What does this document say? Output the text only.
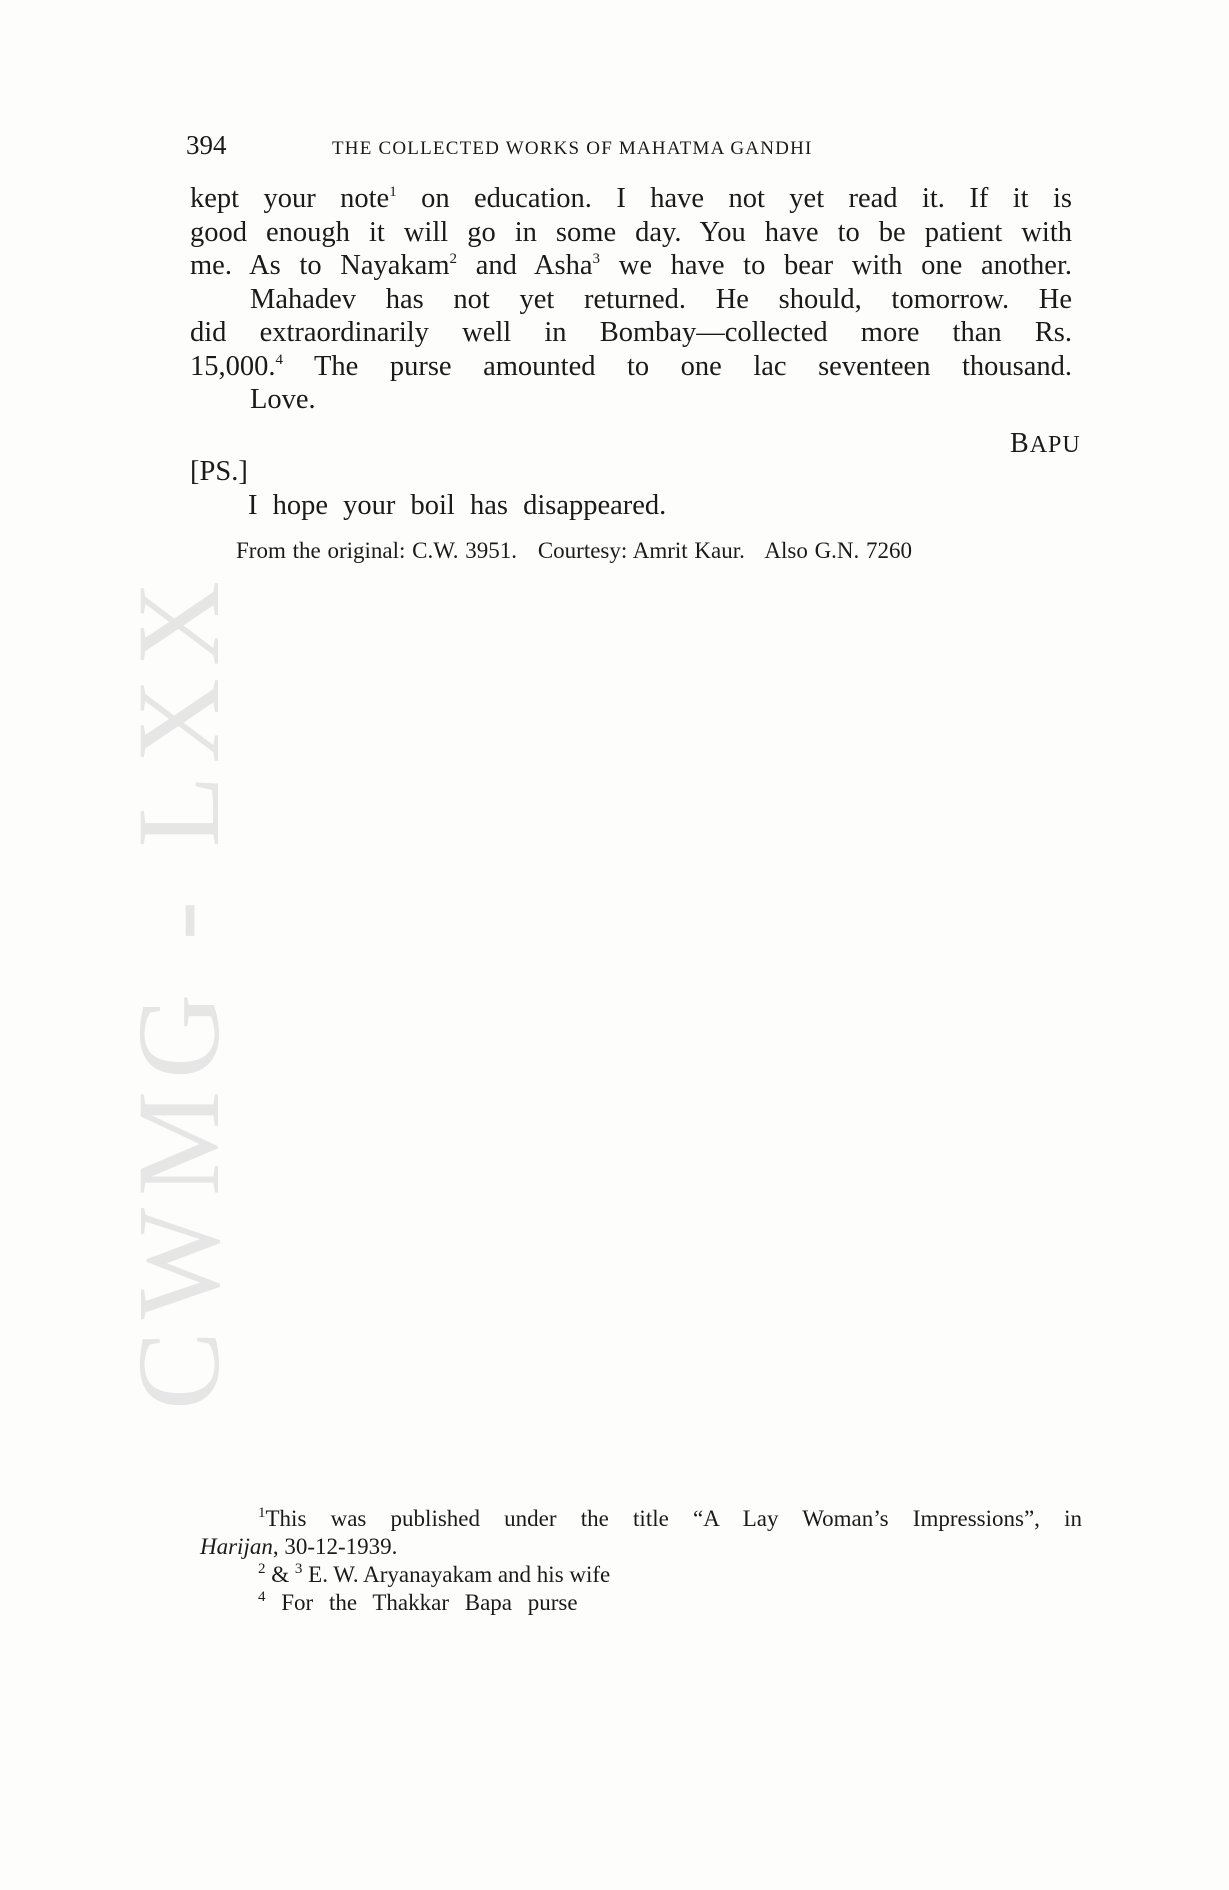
CWMG - LXX
394	THE COLLECTED WORKS OF MAHATMA GANDHI
kept your note$^1$ on education. I have not yet read it. If it is
good enough it will go in some day. You have to be patient with
me. As to Nayakam$^2$ and Asha$^3$ we have to bear with one another.
Mahadev has not yet returned. He should, tomorrow. He
did extraordinarily well in Bombay—collected more than Rs.
15,000.$^4$ The purse amounted to one lac seventeen thousand.
Love.
BAPU
[PS.]
I hope your boil has disappeared.
From the original: C.W. 3951. Courtesy: Amrit Kaur. Also G.N. 7260
$^1$This was published under the title “A Lay Woman’s Impressions”, in
Harijan, 30-12-1939.
$^2$ & $^3$ E. W. Aryanayakam and his wife
$^4$ For the Thakkar Bapa purse
